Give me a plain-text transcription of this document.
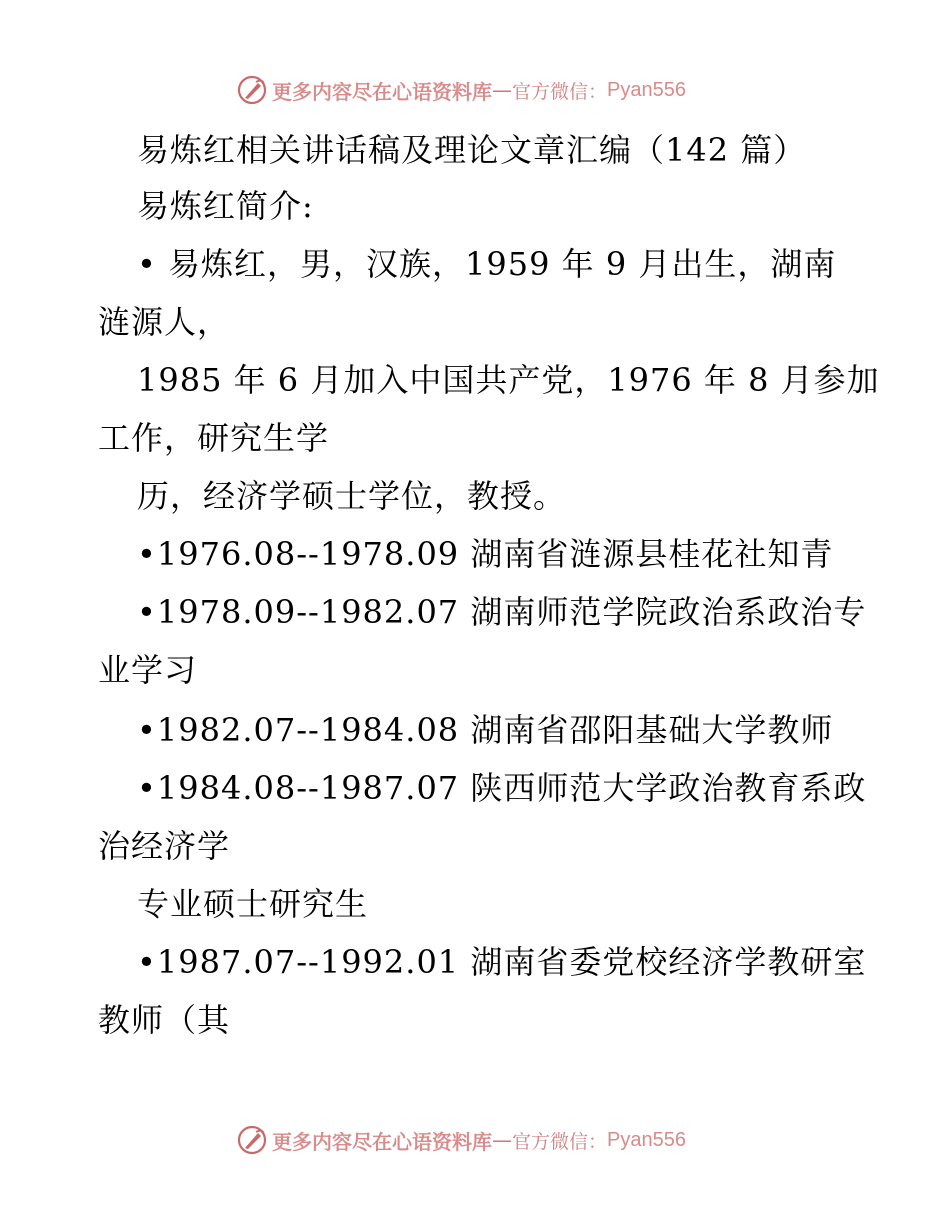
更多内容尽在心语资料库 — 官方微信： Pyan556
易炼红相关讲话稿及理论文章汇编（142 篇）
易炼红简介:
• 易炼红，男，汉族，1959 年 9 月出生，湖南
涟源人，
1985 年 6 月加入中国共产党，1976 年 8 月参加
工作，研究生学
历，经济学硕士学位，教授。
•1976.08--1978.09 湖南省涟源县桂花社知青
•1978.09--1982.07 湖南师范学院政治系政治专
业学习
•1982.07--1984.08 湖南省邵阳基础大学教师
•1984.08--1987.07 陕西师范大学政治教育系政
治经济学
专业硕士研究生
•1987.07--1992.01 湖南省委党校经济学教研室
教师（其
更多内容尽在心语资料库 — 官方微信： Pyan556
